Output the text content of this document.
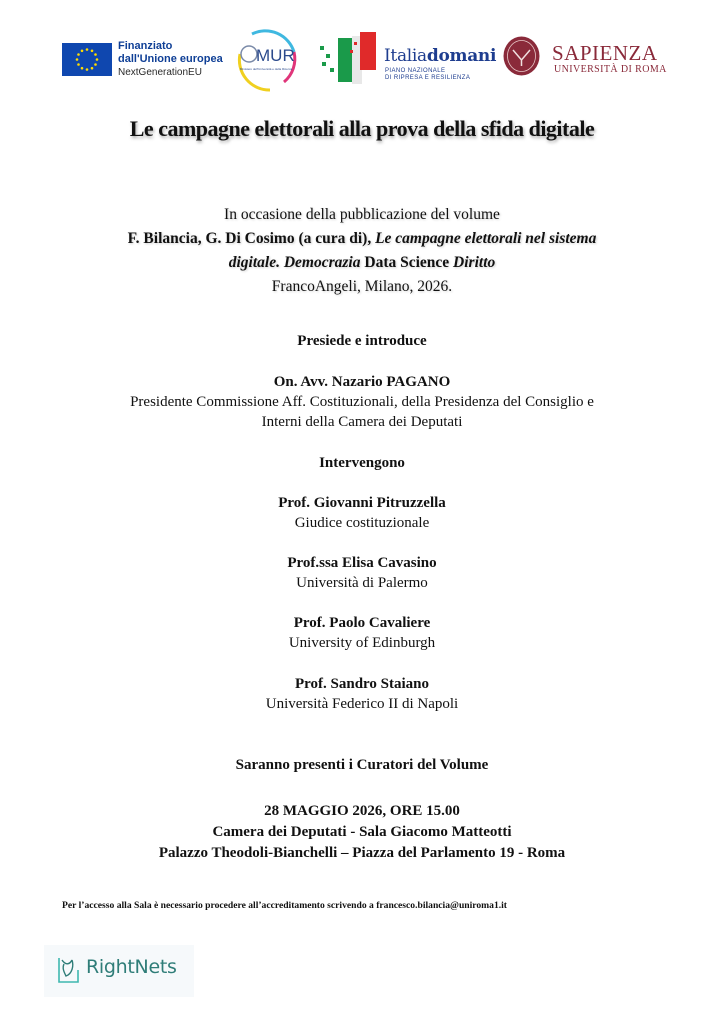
Finanziato
dall'Unione europea
NextGenerationEU
MUR
Ministero dell'Università e della Ricerca
Italiadomani
PIANO NAZIONALE
DI RIPRESA E RESILIENZA
SAPIENZA
UNIVERSITÀ DI ROMA
Le campagne elettorali alla prova della sfida digitale
In occasione della pubblicazione del volume
F. Bilancia, G. Di Cosimo (a cura di), Le campagne elettorali nel sistema
digitale. Democrazia Data Science Diritto
FrancoAngeli, Milano, 2026.
Presiede e introduce
On. Avv. Nazario PAGANO
Presidente Commissione Aff. Costituzionali, della Presidenza del Consiglio e
Interni della Camera dei Deputati
Intervengono
Prof. Giovanni Pitruzzella
Giudice costituzionale
Prof.ssa Elisa Cavasino
Università di Palermo
Prof. Paolo Cavaliere
University of Edinburgh
Prof. Sandro Staiano
Università Federico II di Napoli
Saranno presenti i Curatori del Volume
28 MAGGIO 2026, ORE 15.00
Camera dei Deputati - Sala Giacomo Matteotti
Palazzo Theodoli-Bianchelli – Piazza del Parlamento 19 - Roma
Per l’accesso alla Sala è necessario procedere all’accreditamento scrivendo a francesco.bilancia@uniroma1.it
RightNets
